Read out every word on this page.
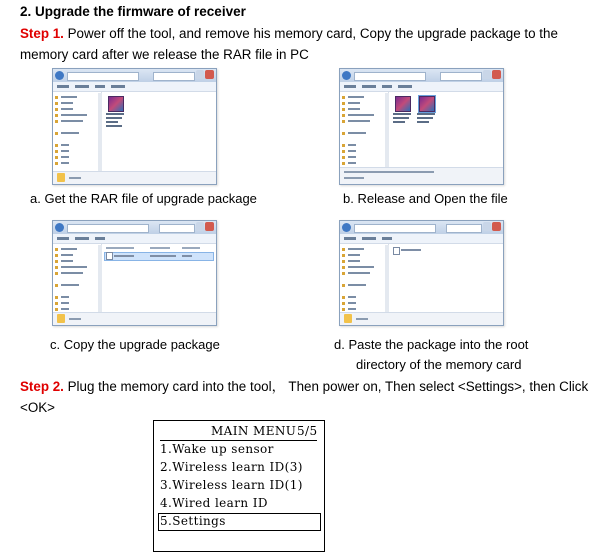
2. Upgrade the firmware of receiver
Step 1. Power off the tool, and remove his memory card, Copy the upgrade package to the
memory card after we release the RAR file in PC
a. Get the RAR file of upgrade package	b. Release and Open the file
c. Copy the upgrade package	d. Paste the package into the root
directory of the memory card
Step 2. Plug the memory card into the tool， Then power on, Then select <Settings>, then Click
<OK>
MAIN MENU 5/5
1.Wake up sensor
2.Wireless learn ID(3)
3.Wireless learn ID(1)
4.Wired learn ID
5.Settings
